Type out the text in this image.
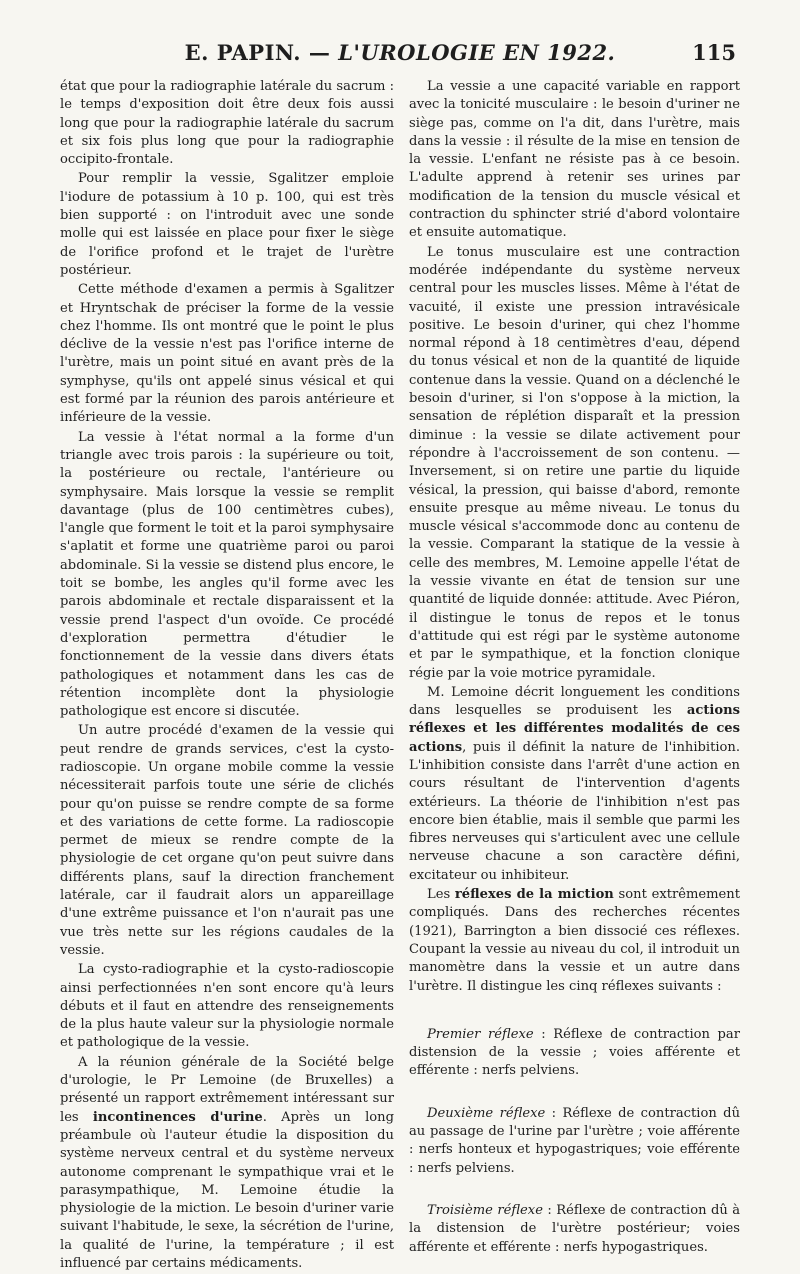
E. PAPIN. — L'UROLOGIE EN 1922.	115

état que pour la radiographie latérale du sacrum : le temps d'exposition doit être deux fois aussi long que pour la radiographie latérale du sacrum et six fois plus long que pour la radiographie occipito-frontale.

Pour remplir la vessie, Sgalitzer emploie l'iodure de potassium à 10 p. 100, qui est très bien supporté : on l'introduit avec une sonde molle qui est laissée en place pour fixer le siège de l'orifice profond et le trajet de l'urètre postérieur.

Cette méthode d'examen a permis à Sgalitzer et Hryntschak de préciser la forme de la vessie chez l'homme. Ils ont montré que le point le plus déclive de la vessie n'est pas l'orifice interne de l'urètre, mais un point situé en avant près de la symphyse, qu'ils ont appelé sinus vésical et qui est formé par la réunion des parois antérieure et inférieure de la vessie.

La vessie à l'état normal a la forme d'un triangle avec trois parois : la supérieure ou toit, la postérieure ou rectale, l'antérieure ou symphysaire. Mais lorsque la vessie se remplit davantage (plus de 100 centimètres cubes), l'angle que forment le toit et la paroi symphysaire s'aplatit et forme une quatrième paroi ou paroi abdominale. Si la vessie se distend plus encore, le toit se bombe, les angles qu'il forme avec les parois abdominale et rectale disparaissent et la vessie prend l'aspect d'un ovoïde. Ce procédé d'exploration permettra d'étudier le fonctionnement de la vessie dans divers états pathologiques et notamment dans les cas de rétention incomplète dont la physiologie pathologique est encore si discutée.

Un autre procédé d'examen de la vessie qui peut rendre de grands services, c'est la cysto-radioscopie. Un organe mobile comme la vessie nécessiterait parfois toute une série de clichés pour qu'on puisse se rendre compte de sa forme et des variations de cette forme. La radioscopie permet de mieux se rendre compte de la physiologie de cet organe qu'on peut suivre dans différents plans, sauf la direction franchement latérale, car il faudrait alors un appareillage d'une extrême puissance et l'on n'aurait pas une vue très nette sur les régions caudales de la vessie.

La cysto-radiographie et la cysto-radioscopie ainsi perfectionnées n'en sont encore qu'à leurs débuts et il faut en attendre des renseignements de la plus haute valeur sur la physiologie normale et pathologique de la vessie.

A la réunion générale de la Société belge d'urologie, le Pr Lemoine (de Bruxelles) a présenté un rapport extrêmement intéressant sur les incontinences d'urine. Après un long préambule où l'auteur étudie la disposition du système nerveux central et du système nerveux autonome comprenant le sympathique vrai et le parasympathique, M. Lemoine étudie la physiologie de la miction. Le besoin d'uriner varie suivant l'habitude, le sexe, la sécrétion de l'urine, la qualité de l'urine, la température ; il est influencé par certains médicaments.

La vessie a une capacité variable en rapport avec la tonicité musculaire : le besoin d'uriner ne siège pas, comme on l'a dit, dans l'urètre, mais dans la vessie : il résulte de la mise en tension de la vessie. L'enfant ne résiste pas à ce besoin. L'adulte apprend à retenir ses urines par modification de la tension du muscle vésical et contraction du sphincter strié d'abord volontaire et ensuite automatique.

Le tonus musculaire est une contraction modérée indépendante du système nerveux central pour les muscles lisses. Même à l'état de vacuité, il existe une pression intravésicale positive. Le besoin d'uriner, qui chez l'homme normal répond à 18 centimètres d'eau, dépend du tonus vésical et non de la quantité de liquide contenue dans la vessie. Quand on a déclenché le besoin d'uriner, si l'on s'oppose à la miction, la sensation de réplétion disparaît et la pression diminue : la vessie se dilate activement pour répondre à l'accroissement de son contenu. — Inversement, si on retire une partie du liquide vésical, la pression, qui baisse d'abord, remonte ensuite presque au même niveau. Le tonus du muscle vésical s'accommode donc au contenu de la vessie. Comparant la statique de la vessie à celle des membres, M. Lemoine appelle l'état de la vessie vivante en état de tension sur une quantité de liquide donnée: attitude. Avec Piéron, il distingue le tonus de repos et le tonus d'attitude qui est régi par le système autonome et par le sympathique, et la fonction clonique régie par la voie motrice pyramidale.

M. Lemoine décrit longuement les conditions dans lesquelles se produisent les actions réflexes et les différentes modalités de ces actions, puis il définit la nature de l'inhibition. L'inhibition consiste dans l'arrêt d'une action en cours résultant de l'intervention d'agents extérieurs. La théorie de l'inhibition n'est pas encore bien établie, mais il semble que parmi les fibres nerveuses qui s'articulent avec une cellule nerveuse chacune a son caractère défini, excitateur ou inhibiteur.

Les réflexes de la miction sont extrêmement compliqués. Dans des recherches récentes (1921), Barrington a bien dissocié ces réflexes. Coupant la vessie au niveau du col, il introduit un manomètre dans la vessie et un autre dans l'urètre. Il distingue les cinq réflexes suivants :

Premier réflexe : Réflexe de contraction par distension de la vessie ; voies afférente et efférente : nerfs pelviens.

Deuxième réflexe : Réflexe de contraction dû au passage de l'urine par l'urètre ; voie afférente : nerfs honteux et hypogastriques; voie efférente : nerfs pelviens.

Troisième réflexe : Réflexe de contraction dû à la distension de l'urètre postérieur; voies afférente et efférente : nerfs hypogastriques.
